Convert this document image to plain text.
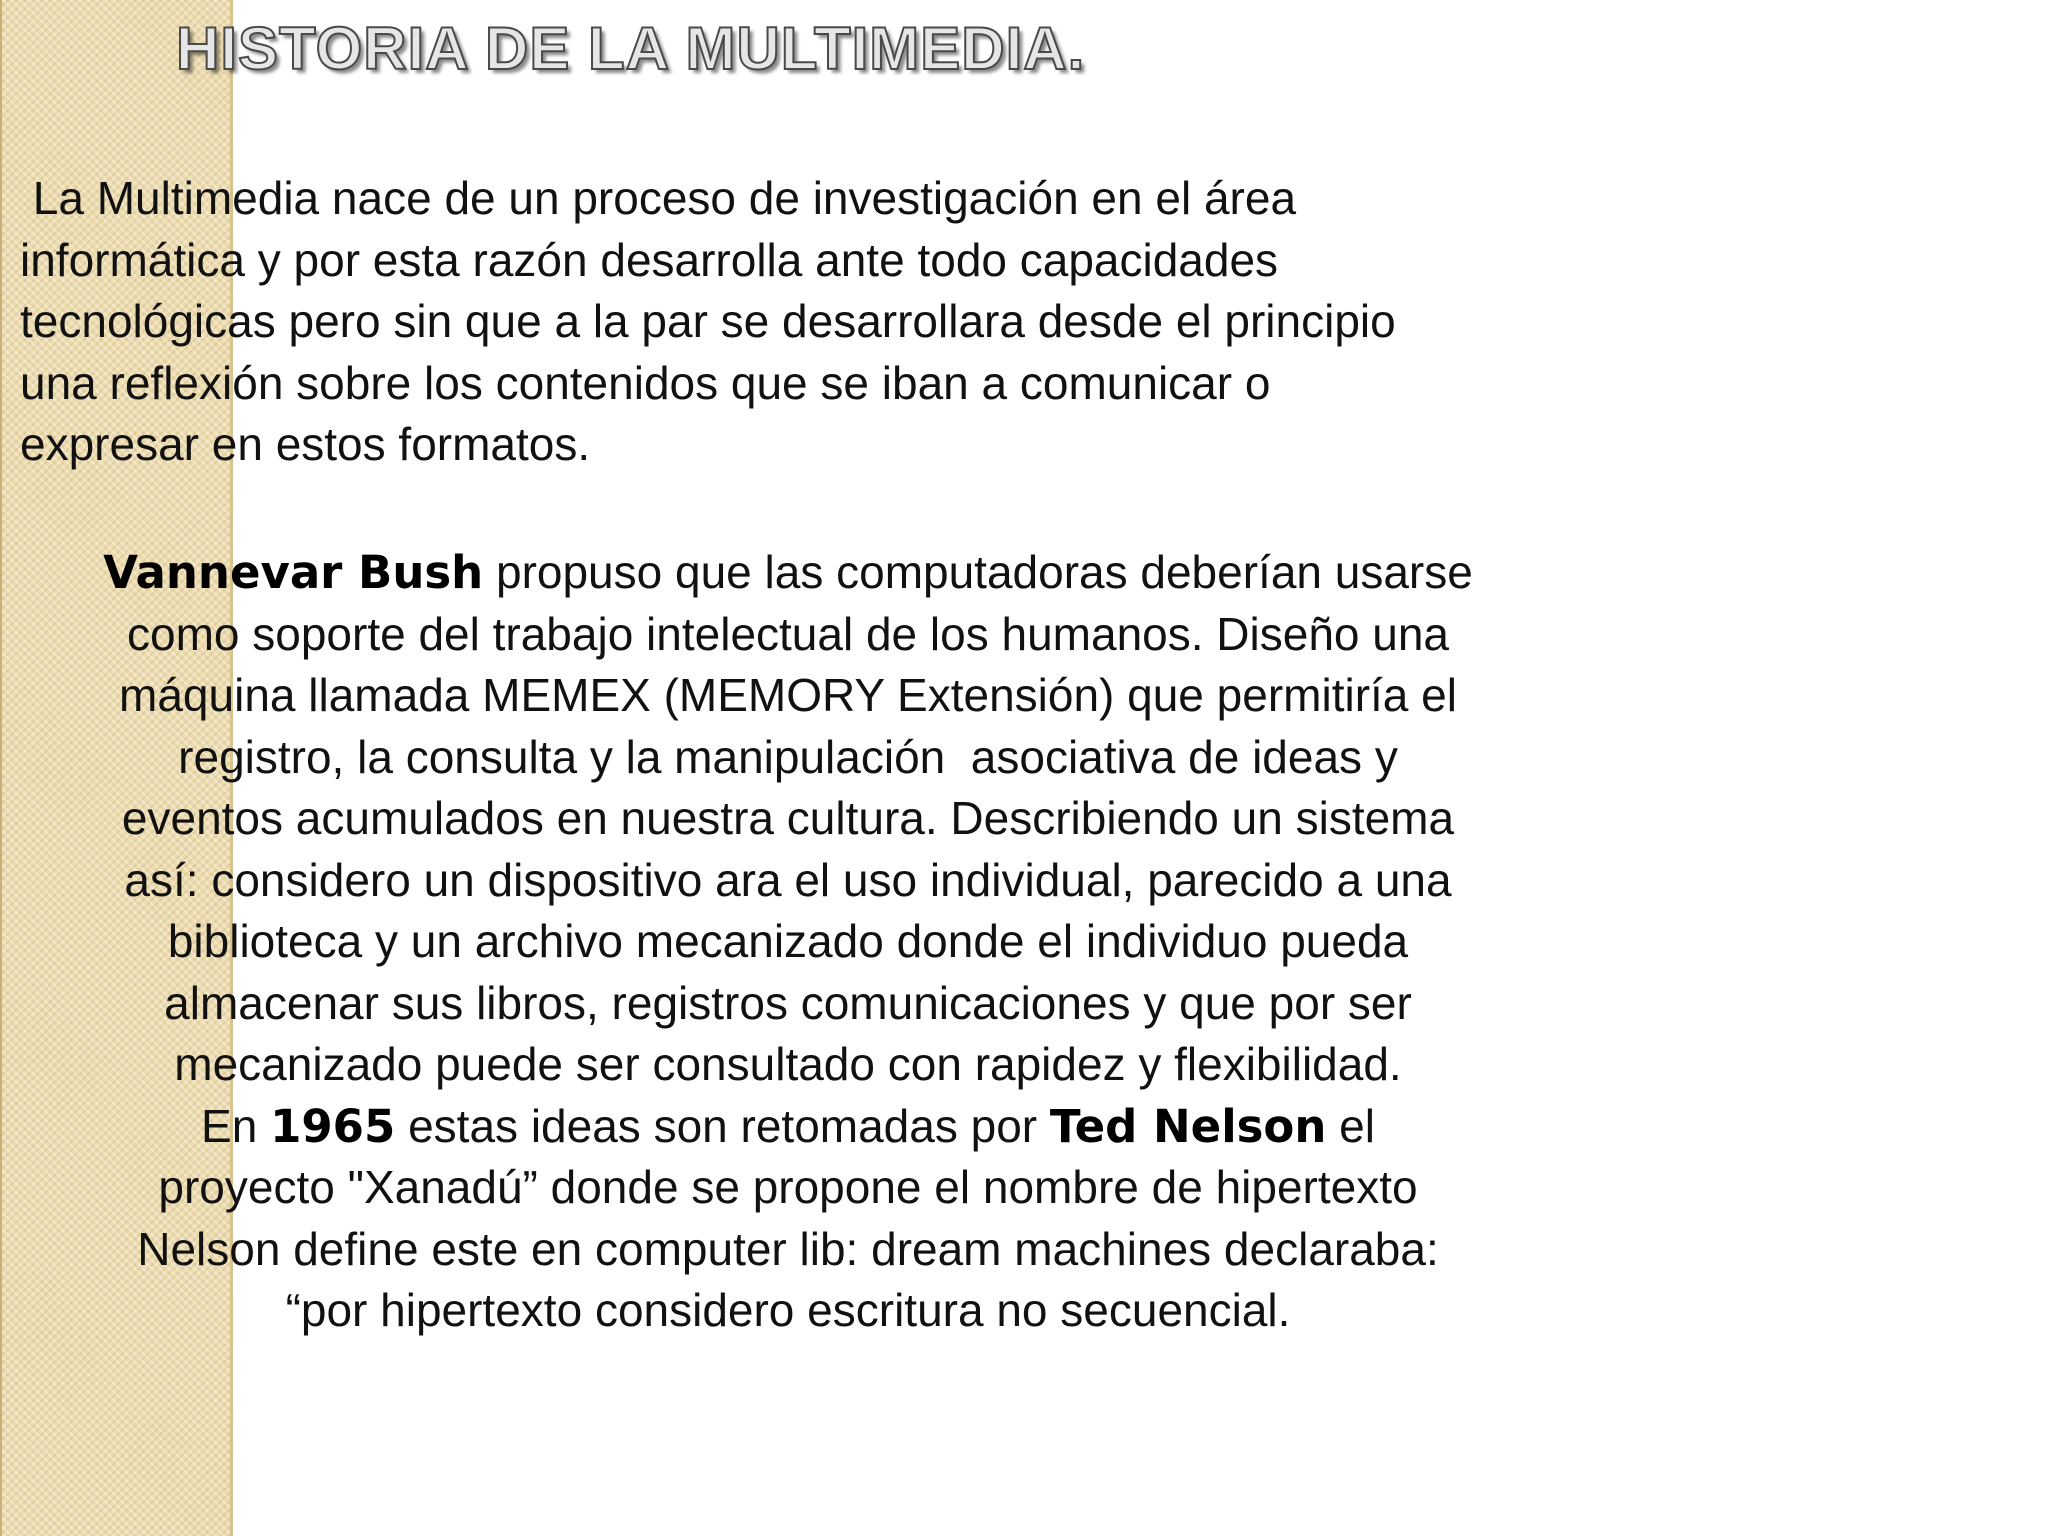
HISTORIA DE LA MULTIMEDIA.

La Multimedia nace de un proceso de investigación en el área
informática y por esta razón desarrolla ante todo capacidades
tecnológicas pero sin que a la par se desarrollara desde el principio
una reflexión sobre los contenidos que se iban a comunicar o
expresar en estos formatos.

Vannevar Bush propuso que las computadoras deberían usarse
como soporte del trabajo intelectual de los humanos. Diseño una
máquina llamada MEMEX (MEMORY Extensión) que permitiría el
registro, la consulta y la manipulación  asociativa de ideas y
eventos acumulados en nuestra cultura. Describiendo un sistema
así: considero un dispositivo ara el uso individual, parecido a una
biblioteca y un archivo mecanizado donde el individuo pueda
almacenar sus libros, registros comunicaciones y que por ser
mecanizado puede ser consultado con rapidez y flexibilidad.
En 1965 estas ideas son retomadas por Ted Nelson el
proyecto "Xanadú” donde se propone el nombre de hipertexto
Nelson define este en computer lib: dream machines declaraba:
“por hipertexto considero escritura no secuencial.
